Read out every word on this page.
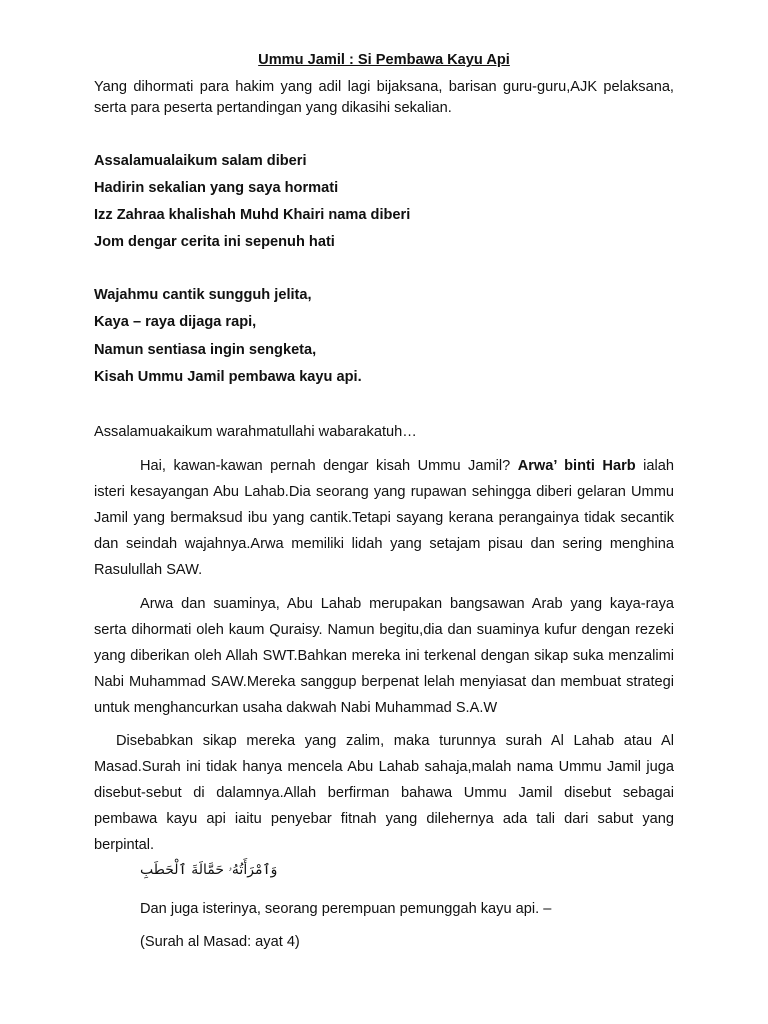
Ummu Jamil : Si Pembawa Kayu Api

Yang dihormati para hakim yang adil lagi bijaksana, barisan guru-guru,AJK pelaksana, serta para peserta pertandingan yang dikasihi sekalian.

Assalamualaikum salam diberi

Hadirin sekalian yang saya hormati

Izz Zahraa khalishah Muhd Khairi nama diberi

Jom dengar cerita ini sepenuh hati

Wajahmu cantik sungguh jelita,

Kaya – raya dijaga rapi,

Namun sentiasa ingin sengketa,

Kisah Ummu Jamil pembawa kayu api.

Assalamuakaikum warahmatullahi wabarakatuh…

Hai, kawan-kawan pernah dengar kisah Ummu Jamil? Arwa’ binti Harb ialah isteri kesayangan Abu Lahab.Dia seorang yang rupawan sehingga diberi gelaran Ummu Jamil yang bermaksud ibu yang cantik.Tetapi sayang kerana perangainya tidak secantik dan seindah wajahnya.Arwa memiliki lidah yang setajam pisau dan sering menghina Rasulullah SAW.

Arwa dan suaminya, Abu Lahab merupakan bangsawan Arab yang kaya-raya serta dihormati oleh kaum Quraisy. Namun begitu,dia dan suaminya kufur dengan rezeki yang diberikan oleh Allah SWT.Bahkan mereka ini terkenal dengan sikap suka menzalimi Nabi Muhammad SAW.Mereka sanggup berpenat lelah menyiasat dan membuat strategi untuk menghancurkan usaha dakwah Nabi Muhammad S.A.W

Disebabkan sikap mereka yang zalim, maka turunnya surah Al Lahab atau Al Masad.Surah ini tidak hanya mencela Abu Lahab sahaja,malah nama Ummu Jamil juga disebut-sebut di dalamnya.Allah berfirman bahawa Ummu Jamil disebut sebagai pembawa kayu api iaitu penyebar fitnah yang dilehernya ada tali dari sabut yang berpintal.

وَٱمْرَأَتُهُۥ حَمَّالَةَ ٱلْحَطَبِ

Dan juga isterinya, seorang perempuan pemunggah kayu api. –

(Surah al Masad: ayat 4)
